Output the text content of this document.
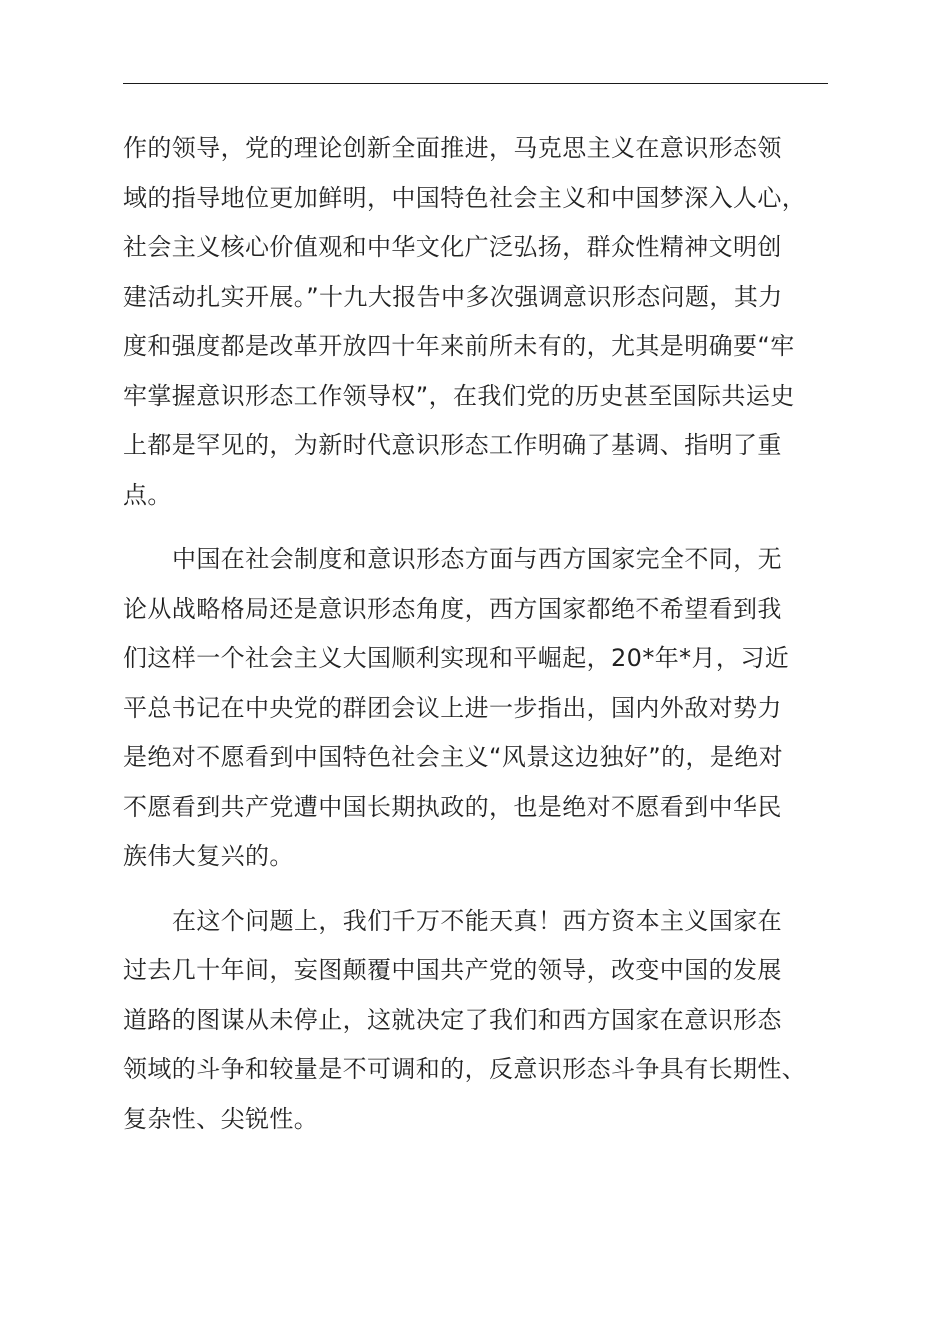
作的领导，党的理论创新全面推进，马克思主义在意识形态领
域的指导地位更加鲜明，中国特色社会主义和中国梦深入人心，
社会主义核心价值观和中华文化广泛弘扬，群众性精神文明创
建活动扎实开展。”十九大报告中多次强调意识形态问题，其力
度和强度都是改革开放四十年来前所未有的，尤其是明确要“牢
牢掌握意识形态工作领导权”，在我们党的历史甚至国际共运史
上都是罕见的，为新时代意识形态工作明确了基调、指明了重
点。
中国在社会制度和意识形态方面与西方国家完全不同，无
论从战略格局还是意识形态角度，西方国家都绝不希望看到我
们这样一个社会主义大国顺利实现和平崛起，20*年*月，习近
平总书记在中央党的群团会议上进一步指出，国内外敌对势力
是绝对不愿看到中国特色社会主义“风景这边独好”的，是绝对
不愿看到共产党遭中国长期执政的，也是绝对不愿看到中华民
族伟大复兴的。
在这个问题上，我们千万不能天真！西方资本主义国家在
过去几十年间，妄图颠覆中国共产党的领导，改变中国的发展
道路的图谋从未停止，这就决定了我们和西方国家在意识形态
领域的斗争和较量是不可调和的，反意识形态斗争具有长期性、
复杂性、尖锐性。
